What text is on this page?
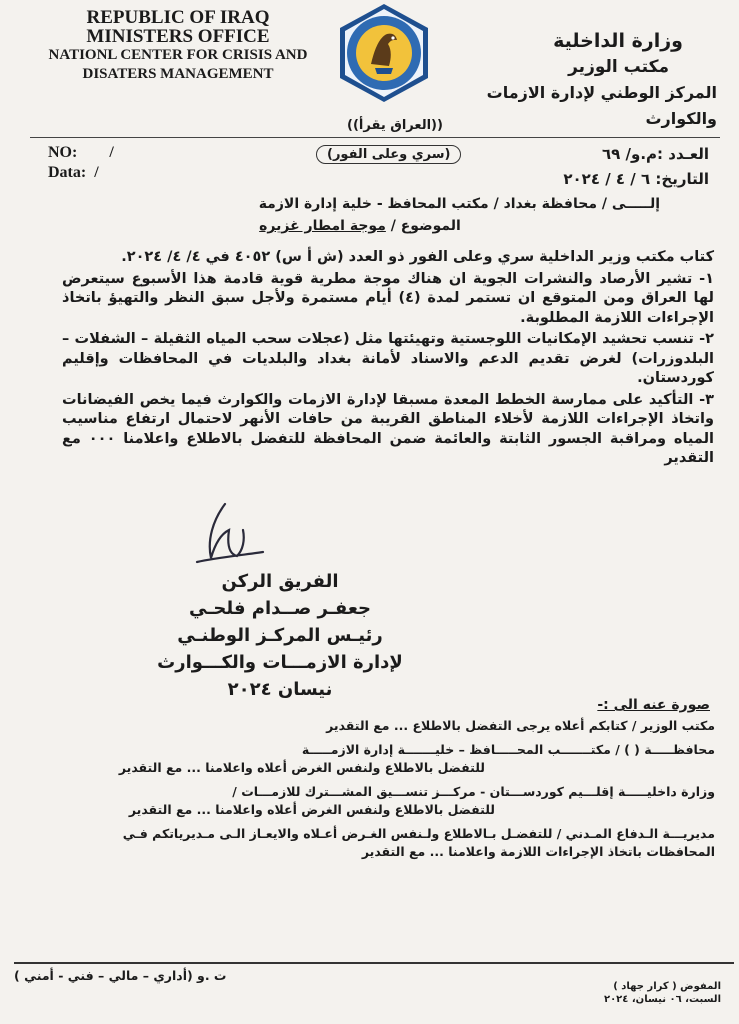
REPUBLIC OF IRAQ
MINISTERS OFFICE
NATIONL CENTER FOR CRISIS AND
DISATERS MANAGEMENT
((العراق يقرأ))
وزارة الداخلية
مكتب الوزير
المركز الوطني لإدارة الازمات والكوارث
NO: /
Data: /
(سري وعلى الفور)	العـدد :م.و/ ٦٩
التاريخ: ٦ / ٤ / ٢٠٢٤
إلـــــى / محافظة بغداد / مكتب المحافظ - خلية إدارة الازمة
الموضوع / موجة امطار غزيره

كتاب مكتب وزير الداخلية سري وعلى الفور ذو العدد (ش أ س) ٤٠٥٢ في ٤/ ٤/ ٢٠٢٤.

١- تشير الأرصاد والنشرات الجوية ان هناك موجة مطرية قوية قادمة هذا الأسبوع سيتعرض لها العراق ومن المتوقع ان تستمر لمدة (٤) أيام مستمرة ولأجل سبق النظر والتهيؤ باتخاذ الإجراءات اللازمة المطلوبة.

٢- تنسب تحشيد الإمكانيات اللوجستية وتهيئتها مثل (عجلات سحب المياه الثقيلة – الشفلات – البلدوزرات) لغرض تقديم الدعم والاسناد لأمانة بغداد والبلديات في المحافظات وإقليم كوردستان.

٣- التأكيد على ممارسة الخطط المعدة مسبقا لإدارة الازمات والكوارث فيما يخص الفيضانات واتخاذ الإجراءات اللازمة لأخلاء المناطق القريبة من حافات الأنهر لاحتمال ارتفاع مناسيب المياه ومراقبة الجسور الثابتة والعائمة ضمن المحافظة للتفضل بالاطلاع واعلامنا ٠٠٠ مع التقدير

الفريق الركن
جعفـر صــدام فلحـي
رئيـس المركـز الوطنـي
لإدارة الازمـــات والكـــوارث
نيسان ٢٠٢٤
صورة عنه الى :-
مكتب الوزير / كتابكم أعلاه يرجى التفضل بالاطلاع ... مع التقدير
محافظـــــة ( ) / مكتـــــــب المحـــــافظ – خليـــــــة إدارة الازمـــــة
للتفضل بالاطلاع ولنفس الغرض أعلاه واعلامنا ... مع التقدير
وزارة داخليـــــة إقلـــيم كوردســـتان - مركـــز تنســـيق المشـــترك للازمـــات /
للتفضل بالاطلاع ولنفس الغرض أعلاه واعلامنا ... مع التقدير
مديريـــة الـدفاع المـدني / للتفضـل بـالاطلاع ولـنفس الغـرض أعـلاه والايعـاز الـى مـديرياتكم فـي
المحافظات باتخاذ الإجراءات اللازمة واعلامنا ... مع التقدير
ت .و (أداري – مالي – فني - أمني )
المفوض ( كرار جهاد )
السبت، ٠٦ نيسان، ٢٠٢٤
